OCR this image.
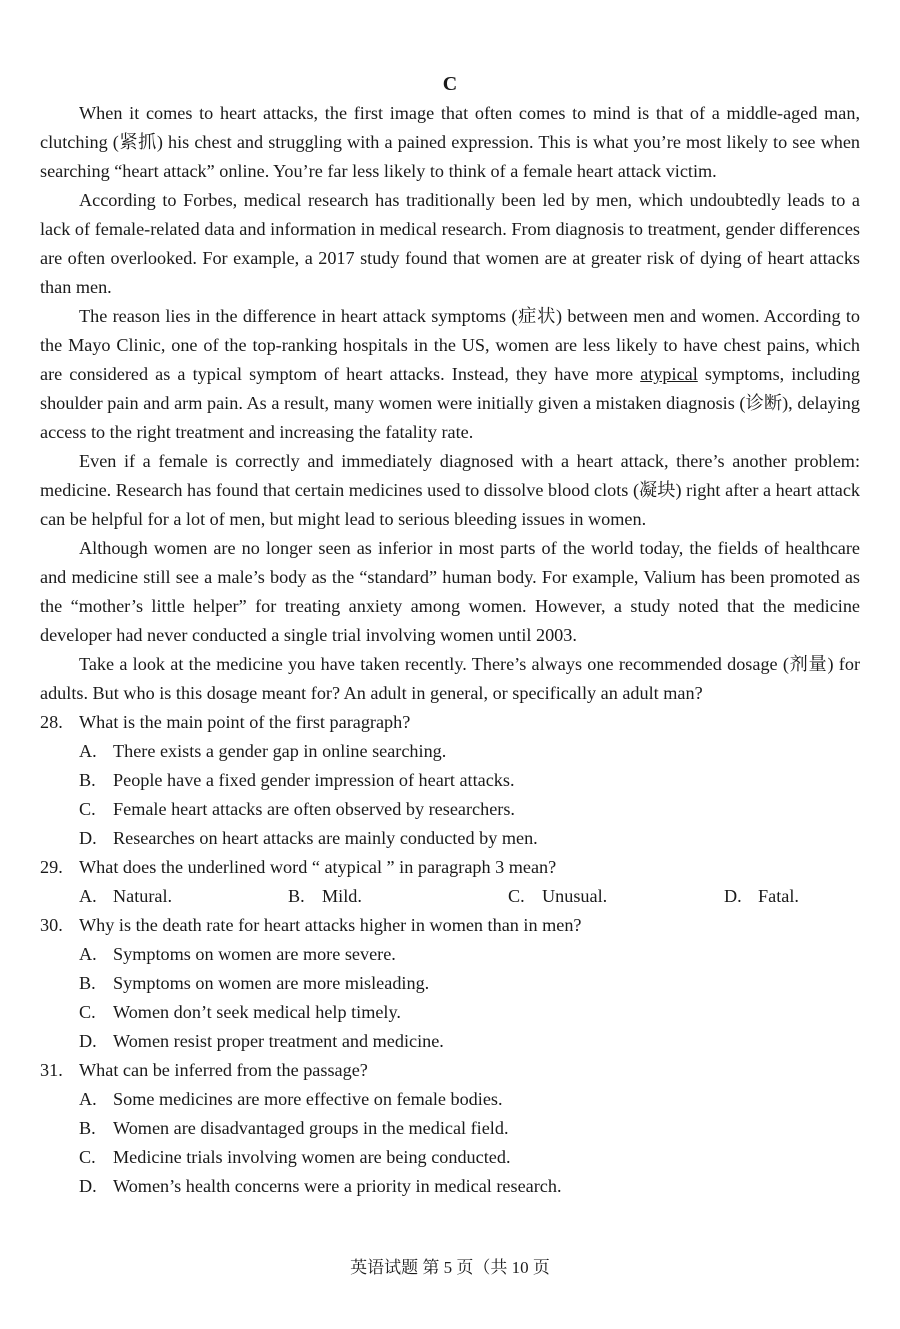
C

When it comes to heart attacks, the first image that often comes to mind is that of a middle-aged man, clutching (紧抓) his chest and struggling with a pained expression. This is what you’re most likely to see when searching “heart attack” online. You’re far less likely to think of a female heart attack victim.

According to Forbes, medical research has traditionally been led by men, which undoubtedly leads to a lack of female-related data and information in medical research. From diagnosis to treatment, gender differences are often overlooked. For example, a 2017 study found that women are at greater risk of dying of heart attacks than men.

The reason lies in the difference in heart attack symptoms (症状) between men and women. According to the Mayo Clinic, one of the top-ranking hospitals in the US, women are less likely to have chest pains, which are considered as a typical symptom of heart attacks. Instead, they have more atypical symptoms, including shoulder pain and arm pain. As a result, many women were initially given a mistaken diagnosis (诊断), delaying access to the right treatment and increasing the fatality rate.

Even if a female is correctly and immediately diagnosed with a heart attack, there’s another problem: medicine. Research has found that certain medicines used to dissolve blood clots (凝块) right after a heart attack can be helpful for a lot of men, but might lead to serious bleeding issues in women.

Although women are no longer seen as inferior in most parts of the world today, the fields of healthcare and medicine still see a male’s body as the “standard” human body. For example, Valium has been promoted as the “mother’s little helper” for treating anxiety among women. However, a study noted that the medicine developer had never conducted a single trial involving women until 2003.

Take a look at the medicine you have taken recently. There’s always one recommended dosage (剂量) for adults. But who is this dosage meant for? An adult in general, or specifically an adult man?

28. What is the main point of the first paragraph?
A. There exists a gender gap in online searching.
B. People have a fixed gender impression of heart attacks.
C. Female heart attacks are often observed by researchers.
D. Researches on heart attacks are mainly conducted by men.
29. What does the underlined word “ atypical ” in paragraph 3 mean?
A. Natural.	B. Mild.	C. Unusual.	D. Fatal.
30. Why is the death rate for heart attacks higher in women than in men?
A. Symptoms on women are more severe.
B. Symptoms on women are more misleading.
C. Women don’t seek medical help timely.
D. Women resist proper treatment and medicine.
31. What can be inferred from the passage?
A. Some medicines are more effective on female bodies.
B. Women are disadvantaged groups in the medical field.
C. Medicine trials involving women are being conducted.
D. Women’s health concerns were a priority in medical research.
英语试题 第 5 页（共 10 页
